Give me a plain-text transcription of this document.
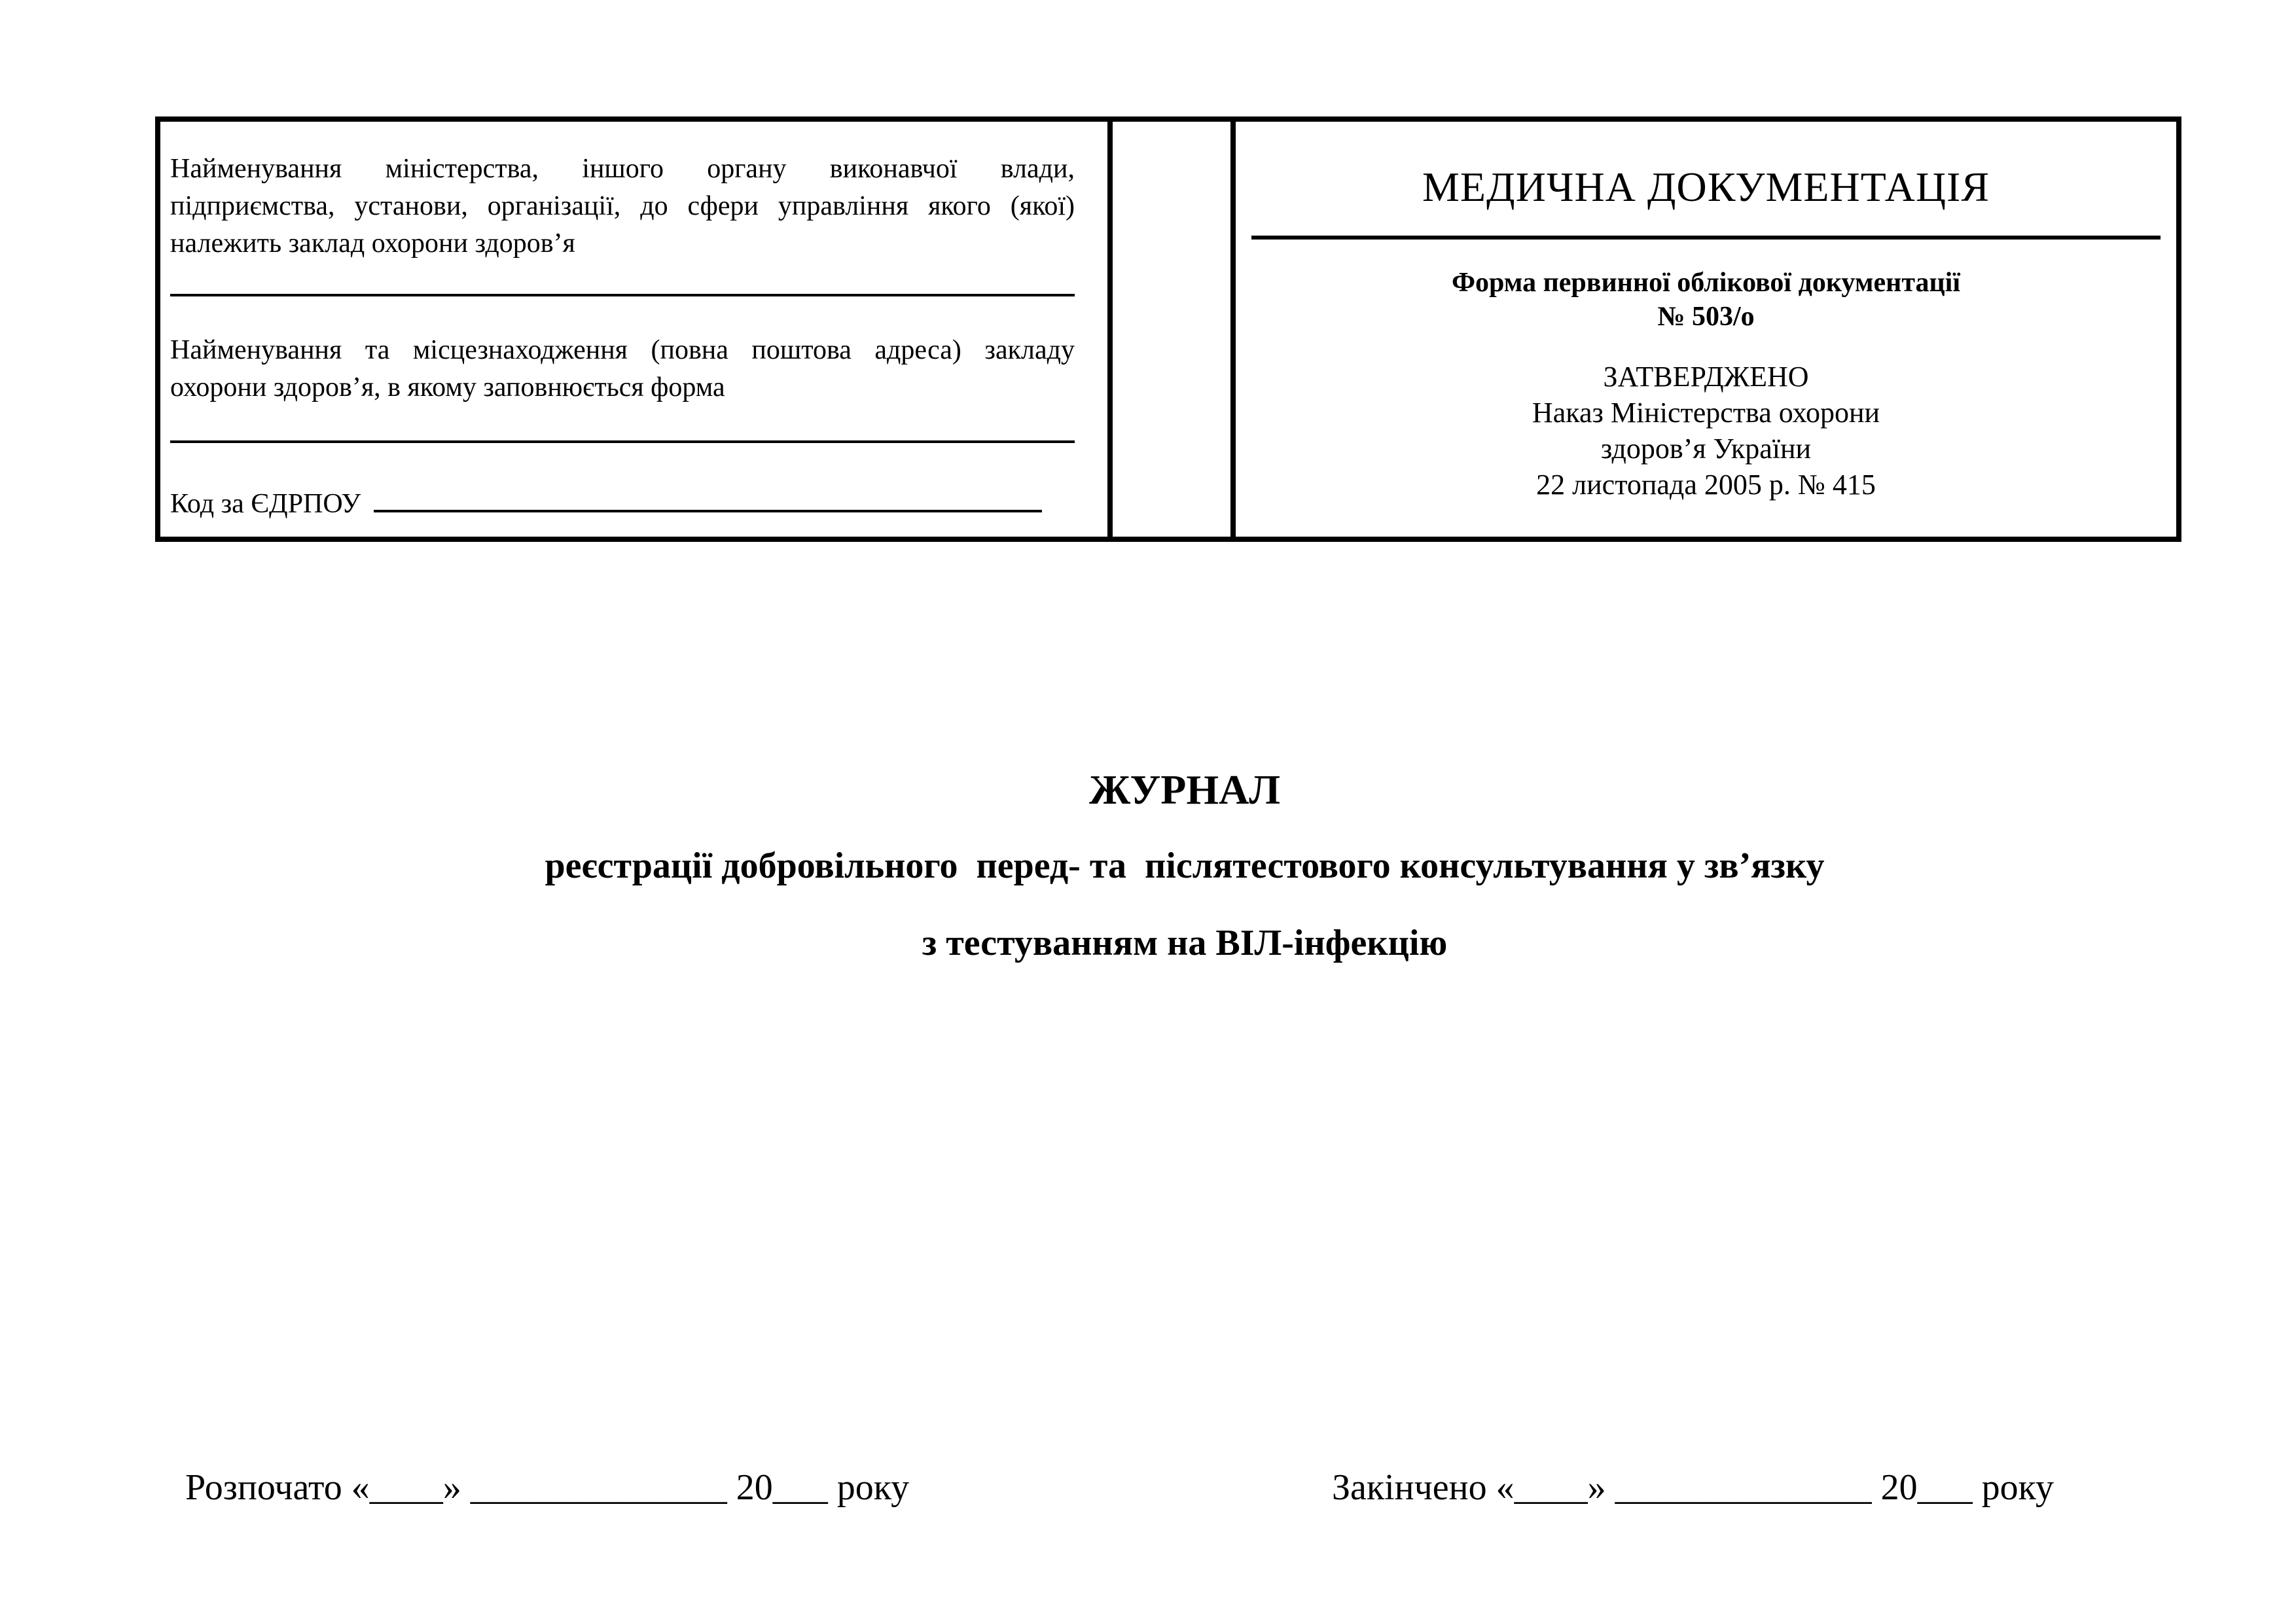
Найменування міністерства, іншого органу виконавчої влади,
підприємства, установи, організації, до сфери управління якого (якої)
належить заклад охорони здоров’я
Найменування та місцезнаходження (повна поштова адреса) закладу
охорони здоров’я, в якому заповнюється форма
Код за ЄДРПОУ
МЕДИЧНА ДОКУМЕНТАЦІЯ
Форма первинної облікової документації
№ 503/о
ЗАТВЕРДЖЕНО
Наказ Міністерства охорони
здоров’я України
22 листопада 2005 р. № 415

ЖУРНАЛ

реєстрації добровільного  перед- та  післятестового консультування у зв’язку

з тестуванням на ВІЛ-інфекцію

Розпочато «____» ______________ 20___ року	Закінчено «____» ______________ 20___ року
